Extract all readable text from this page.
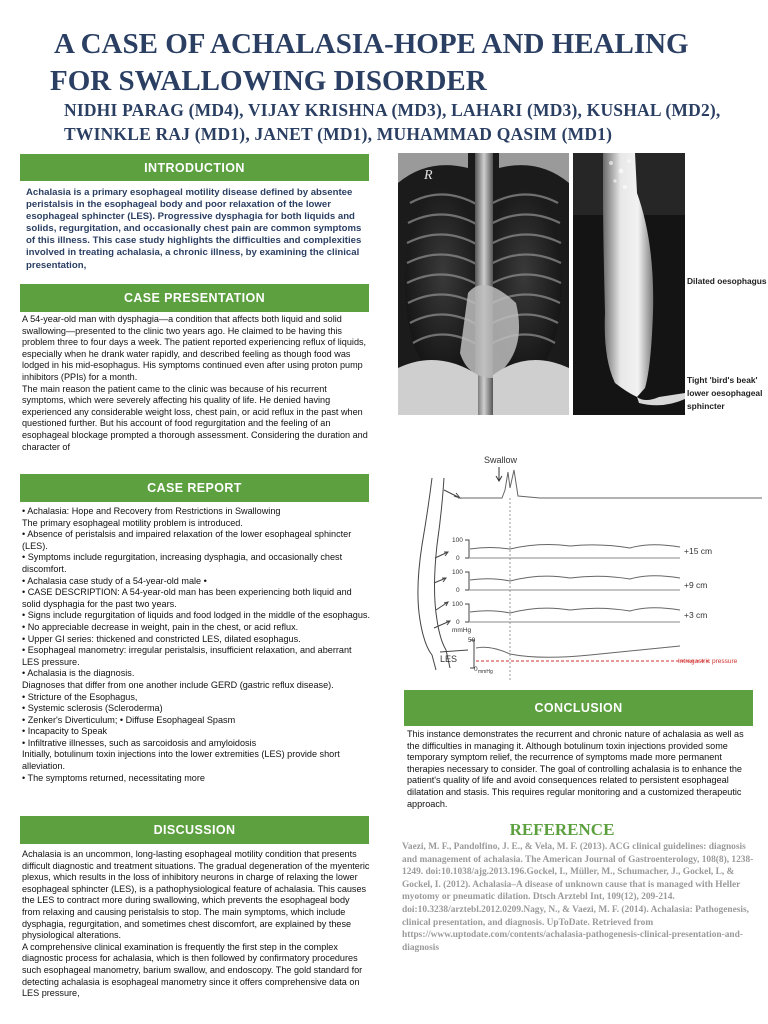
A CASE OF ACHALASIA-HOPE AND HEALING
FOR SWALLOWING DISORDER
NIDHI PARAG (MD4), VIJAY KRISHNA (MD3), LAHARI (MD3), KUSHAL (MD2), TWINKLE RAJ (MD1), JANET (MD1), MUHAMMAD QASIM (MD1)
INTRODUCTION
Achalasia is a primary esophageal motility disease defined by absentee peristalsis in the esophageal body and poor relaxation of the lower esophageal sphincter (LES). Progressive dysphagia for both liquids and solids, regurgitation, and occasionally chest pain are common symptoms of this illness. This case study highlights the difficulties and complexities involved in treating achalasia, a chronic illness, by examining the clinical presentation,
CASE PRESENTATION

A 54-year-old man with dysphagia—a condition that affects both liquid and solid swallowing—presented to the clinic two years ago. He claimed to be having this problem three to four days a week. The patient reported experiencing reflux of liquids, especially when he drank water rapidly, and described feeling as though food was lodged in his mid-esophagus. His symptoms continued even after using proton pump inhibitors (PPIs) for a month.

The main reason the patient came to the clinic was because of his recurrent symptoms, which were severely affecting his quality of life. He denied having experienced any considerable weight loss, chest pain, or acid reflux in the past when questioned further. But his account of food regurgitation and the feeling of an esophageal blockage prompted a thorough assessment. Considering the duration and character of

CASE REPORT

• Achalasia: Hope and Recovery from Restrictions in Swallowing

The primary esophageal motility problem is introduced.

• Absence of peristalsis and impaired relaxation of the lower esophageal sphincter (LES).

• Symptoms include regurgitation, increasing dysphagia, and occasionally chest discomfort.

• Achalasia case study of a 54-year-old male •

• CASE DESCRIPTION: A 54-year-old man has been experiencing both liquid and solid dysphagia for the past two years.

• Signs include regurgitation of liquids and food lodged in the middle of the esophagus.

• No appreciable decrease in weight, pain in the chest, or acid reflux.

• Upper GI series: thickened and constricted LES, dilated esophagus.

• Esophageal manometry: irregular peristalsis, insufficient relaxation, and aberrant LES pressure.

• Achalasia is the diagnosis.

Diagnoses that differ from one another include GERD (gastric reflux disease).

• Stricture of the Esophagus,

• Systemic sclerosis (Scleroderma)

• Zenker's Diverticulum; • Diffuse Esophageal Spasm

• Incapacity to Speak

• Infiltrative illnesses, such as sarcoidosis and amyloidosis

Initially, botulinum toxin injections into the lower extremities (LES) provide short alleviation.

• The symptoms returned, necessitating more

DISCUSSION

Achalasia is an uncommon, long-lasting esophageal motility condition that presents difficult diagnostic and treatment situations. The gradual degeneration of the myenteric plexus, which results in the loss of inhibitory neurons in charge of relaxing the lower esophageal sphincter (LES), is a pathophysiological feature of achalasia. This causes the LES to contract more during swallowing, which prevents the esophageal body from relaxing and causing peristalsis to stop. The main symptoms, which include dysphagia, regurgitation, and sometimes chest discomfort, are explained by these physiological alterations.

A comprehensive clinical examination is frequently the first step in the complex diagnostic process for achalasia, which is then followed by confirmatory procedures such esophageal manometry, barium swallow, and endoscopy. The gold standard for detecting achalasia is esophageal manometry since it offers comprehensive data on LES pressure,

R
Dilated oesophagus
Tight 'bird's beak'
lower oesophageal
sphincter
Swallow
100
0
100
0
100
0
mmHg
50
0 mmHg
LES
+15 cm
+9 cm
+3 cm
Intragastric pressure
CONCLUSION
This instance demonstrates the recurrent and chronic nature of achalasia as well as the difficulties in managing it. Although botulinum toxin injections provided some temporary symptom relief, the recurrence of symptoms made more permanent therapies necessary to consider. The goal of controlling achalasia is to enhance the patient's quality of life and avoid consequences related to persistent esophageal dilatation and stasis. This requires regular monitoring and a customized therapeutic approach.
REFERENCE
Vaezi, M. F., Pandolfino, J. E., & Vela, M. F. (2013). ACG clinical guidelines: diagnosis and management of achalasia. The American Journal of Gastroenterology, 108(8), 1238-1249. doi:10.1038/ajg.2013.196.Gockel, I., Müller, M., Schumacher, J., Gockel, L, & Gockel, I. (2012). Achalasia–A disease of unknown cause that is managed with Heller myotomy or pneumatic dilation. Dtsch Arztebl Int, 109(12), 209-214. doi:10.3238/arztebl.2012.0209.Nagy, N., & Vaezi, M. F. (2014). Achalasia: Pathogenesis, clinical presentation, and diagnosis. UpToDate. Retrieved from https://www.uptodate.com/contents/achalasia-pathogenesis-clinical-presentation-and-diagnosis
